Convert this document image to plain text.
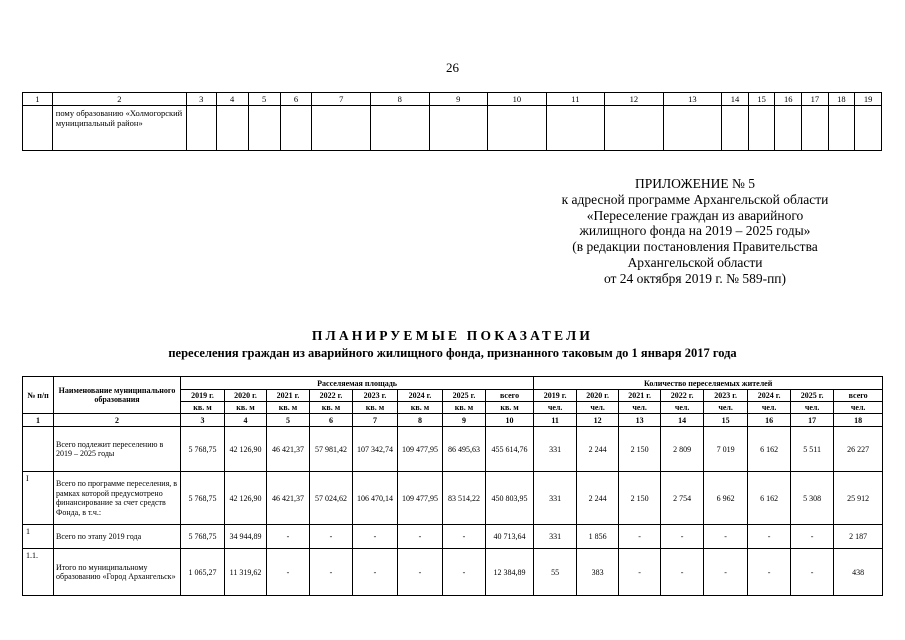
26
1	2	3	4	5	6	7	8	9	10	11	12	13	14	15	16	17	18	19
	пому образованию «Холмогорский муниципальный район»																	
ПРИЛОЖЕНИЕ № 5
к адресной программе Архангельской области
«Переселение граждан из аварийного
жилищного фонда на 2019 – 2025 годы»
(в редакции постановления Правительства
Архангельской области
от 24 октября 2019 г. № 589-пп)
ПЛАНИРУЕМЫЕ ПОКАЗАТЕЛИ
переселения граждан из аварийного жилищного фонда, признанного таковым до 1 января 2017 года
№ п/п	Наименование муниципального образования	Расселяемая площадь								Количество переселяемых жителей							
		2019 г.	2020 г.	2021 г.	2022 г.	2023 г.	2024 г.	2025 г.	всего	2019 г.	2020 г.	2021 г.	2022 г.	2023 г.	2024 г.	2025 г.	всего
		кв. м	кв. м	кв. м	кв. м	кв. м	кв. м	кв. м	кв. м	чел.	чел.	чел.	чел.	чел.	чел.	чел.	чел.
1	2	3	4	5	6	7	8	9	10	11	12	13	14	15	16	17	18
	Всего подлежит переселению в 2019 – 2025 годы	5 768,75	42 126,90	46 421,37	57 981,42	107 342,74	109 477,95	86 495,63	455 614,76	331	2 244	2 150	2 809	7 019	6 162	5 511	26 227
I	Всего по программе переселения, в рамках которой предусмотрено финансирование за счет средств Фонда, в т.ч.:	5 768,75	42 126,90	46 421,37	57 024,62	106 470,14	109 477,95	83 514,22	450 803,95	331	2 244	2 150	2 754	6 962	6 162	5 308	25 912
1	Всего по этапу 2019 года	5 768,75	34 944,89	-	-	-	-	-	40 713,64	331	1 856	-	-	-	-	-	2 187
1.1.	Итого по муниципальному образованию «Город Архангельск»	1 065,27	11 319,62	-	-	-	-	-	12 384,89	55	383	-	-	-	-	-	438
